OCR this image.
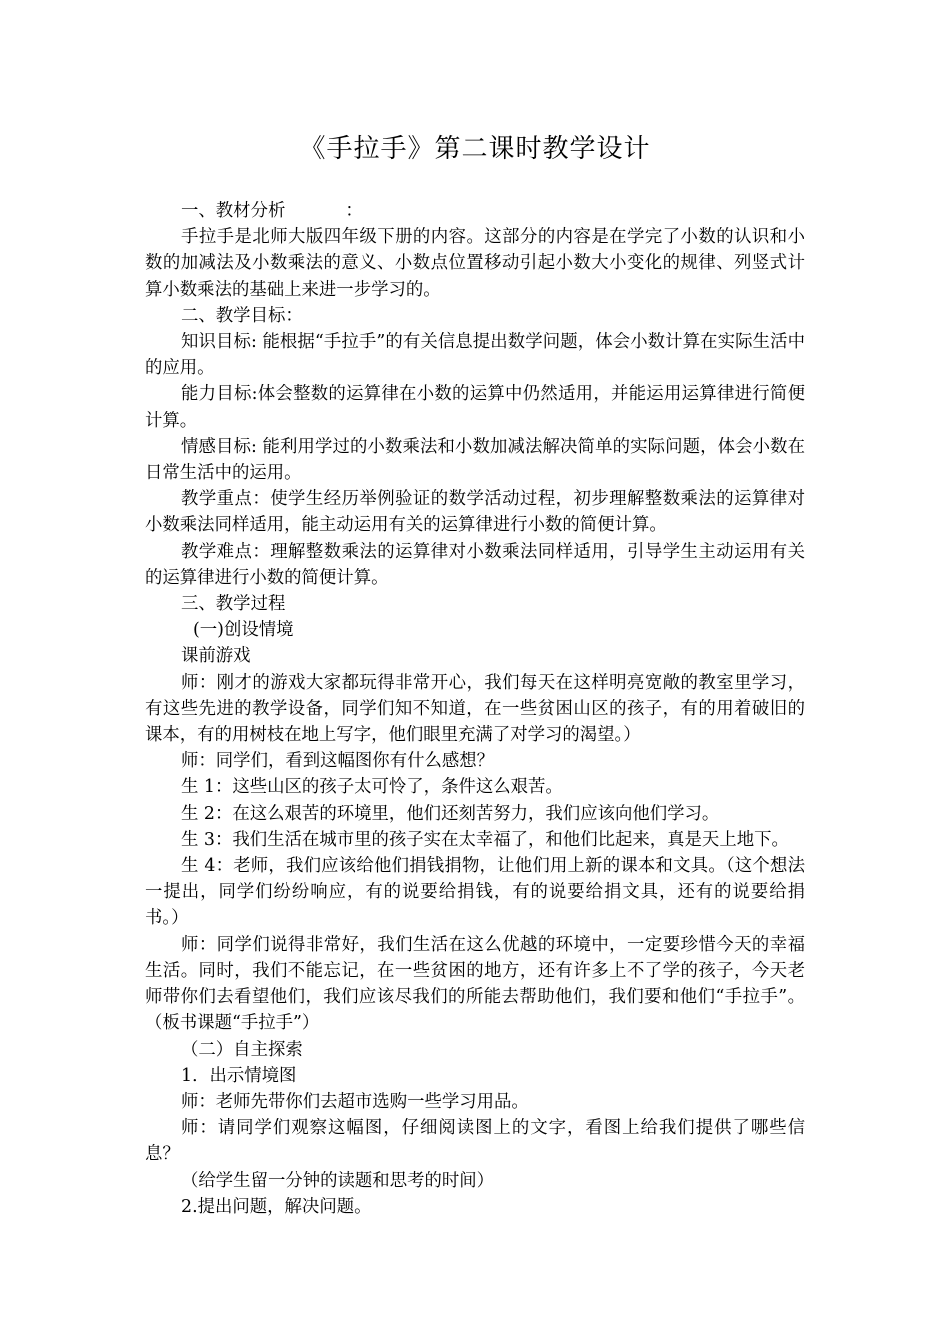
《手拉手》第二课时教学设计

一、教材分析	：

手拉手是北师大版四年级下册的内容。这部分的内容是在学完了小数的认识和小数的加减法及小数乘法的意义、小数点位置移动引起小数大小变化的规律、列竖式计算小数乘法的基础上来进一步学习的。

二、教学目标：

知识目标: 能根据“手拉手”的有关信息提出数学问题，体会小数计算在实际生活中的应用。

能力目标:体会整数的运算律在小数的运算中仍然适用，并能运用运算律进行简便计算。

情感目标: 能利用学过的小数乘法和小数加减法解决简单的实际问题，体会小数在日常生活中的运用。

教学重点：使学生经历举例验证的数学活动过程，初步理解整数乘法的运算律对小数乘法同样适用，能主动运用有关的运算律进行小数的简便计算。

教学难点：理解整数乘法的运算律对小数乘法同样适用，引导学生主动运用有关的运算律进行小数的简便计算。

三、教学过程

(一)创设情境

课前游戏

师：刚才的游戏大家都玩得非常开心，我们每天在这样明亮宽敞的教室里学习，有这些先进的教学设备，同学们知不知道，在一些贫困山区的孩子，有的用着破旧的课本，有的用树枝在地上写字，他们眼里充满了对学习的渴望。）

师：同学们，看到这幅图你有什么感想？

生 1：这些山区的孩子太可怜了，条件这么艰苦。

生 2：在这么艰苦的环境里，他们还刻苦努力，我们应该向他们学习。

生 3：我们生活在城市里的孩子实在太幸福了，和他们比起来，真是天上地下。

生 4：老师，我们应该给他们捐钱捐物，让他们用上新的课本和文具。（这个想法一提出，同学们纷纷响应，有的说要给捐钱，有的说要给捐文具，还有的说要给捐书。）

师：同学们说得非常好，我们生活在这么优越的环境中，一定要珍惜今天的幸福生活。同时，我们不能忘记，在一些贫困的地方，还有许多上不了学的孩子，今天老师带你们去看望他们，我们应该尽我们的所能去帮助他们，我们要和他们“手拉手”。（板书课题“手拉手”）

（二）自主探索

1．出示情境图

师：老师先带你们去超市选购一些学习用品。

师：请同学们观察这幅图，仔细阅读图上的文字，看图上给我们提供了哪些信息？

（给学生留一分钟的读题和思考的时间）

2.提出问题，解决问题。
